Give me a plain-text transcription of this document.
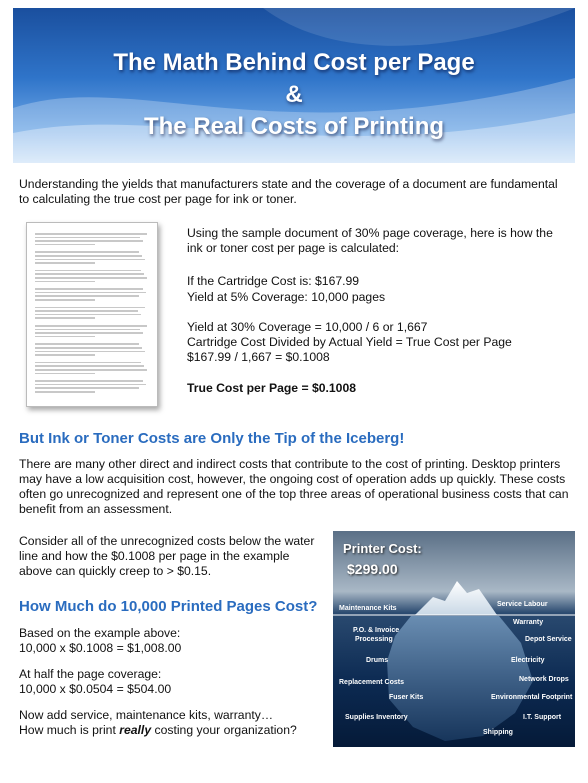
The Math Behind Cost per Page
&
The Real Costs of Printing

Understanding the yields that manufacturers state and the coverage of a document are fundamental to calculating the true cost per page for ink or toner.

Using the sample document of 30% page coverage, here is how the ink or toner cost per page is calculated:

If the Cartridge Cost is: $167.99

Yield at 5% Coverage: 10,000 pages

Yield at 30% Coverage = 10,000 / 6 or 1,667

Cartridge Cost Divided by Actual Yield = True Cost per Page

$167.99 / 1,667 = $0.1008

True Cost per Page = $0.1008

But Ink or Toner Costs are Only the Tip of the Iceberg!

There are many other direct and indirect costs that contribute to the cost of printing. Desktop printers may have a low acquisition cost, however, the ongoing cost of operation adds up quickly. These costs often go unrecognized and represent one of the top three areas of operational business costs that can benefit from an assessment.

Consider all of the unrecognized costs below the water line and how the $0.1008 per page in the example above can quickly creep to > $0.15.

How Much do 10,000 Printed Pages Cost?

Based on the example above:

10,000 x $0.1008 = $1,008.00

At half the page coverage:

10,000 x $0.0504 = $504.00

Now add service, maintenance kits, warranty…

How much is print really costing your organization?

Printer Cost:
$299.00
Maintenance Kits
P.O. & Invoice
Processing
Drums
Replacement Costs
Fuser Kits
Supplies Inventory
Service Labour
Warranty
Depot Service
Electricity
Network Drops
Environmental Footprint
I.T. Support
Shipping
